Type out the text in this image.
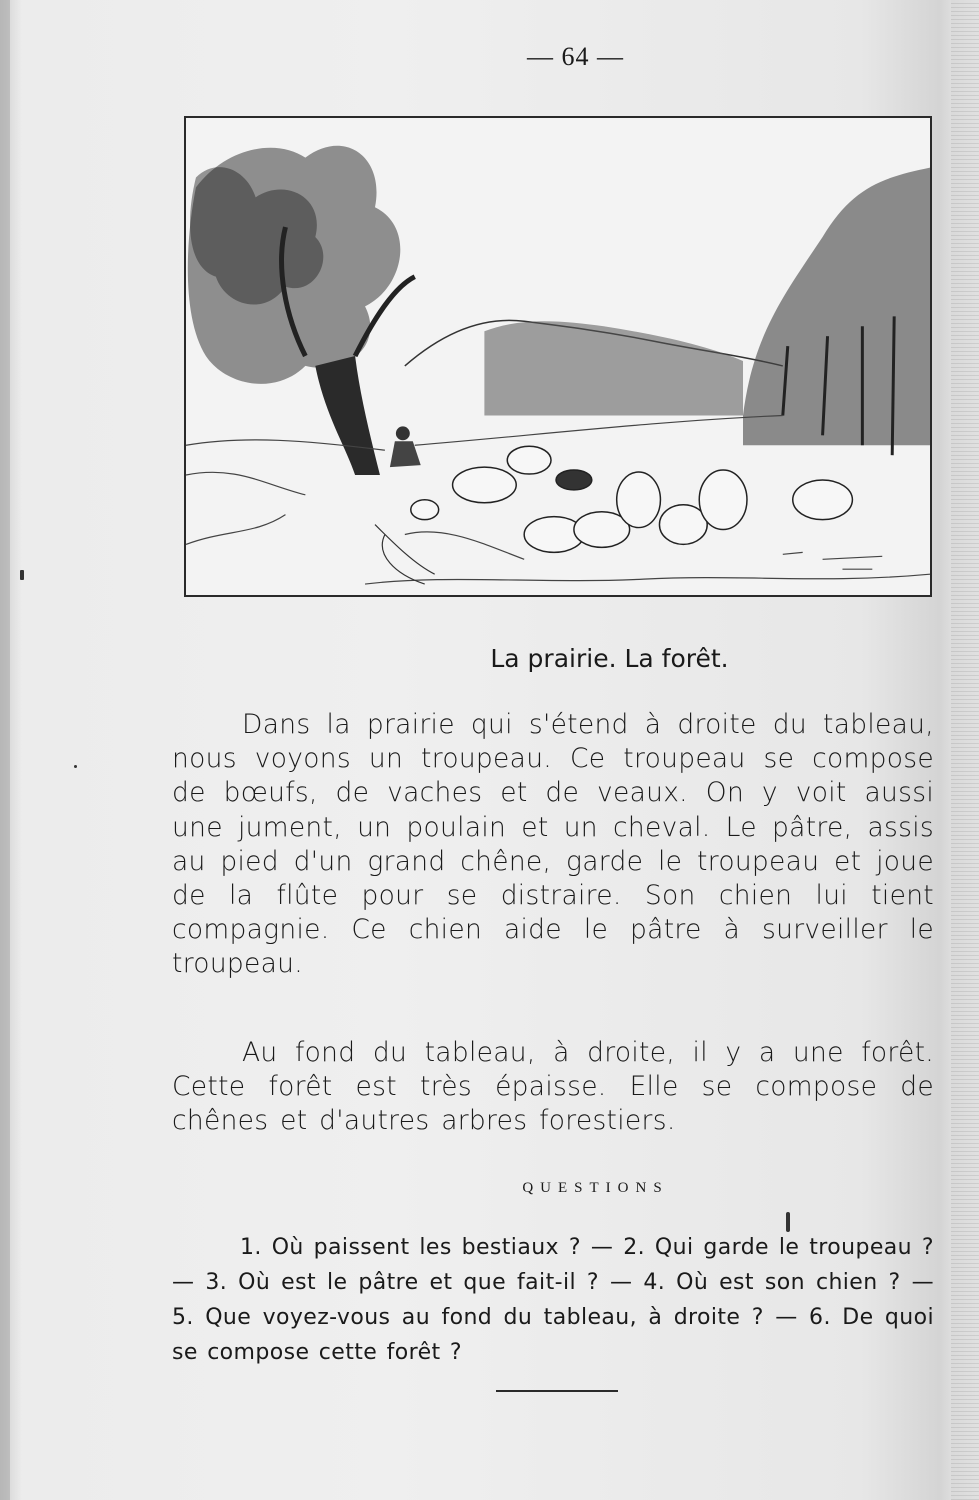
— 64 —
La prairie. La forêt.

Dans la prairie qui s'étend à droite du tableau, nous voyons un troupeau. Ce troupeau se compose de bœufs, de vaches et de veaux. On y voit aussi une jument, un poulain et un cheval. Le pâtre, assis au pied d'un grand chêne, garde le troupeau et joue de la flûte pour se distraire. Son chien lui tient compagnie. Ce chien aide le pâtre à surveiller le troupeau.

Au fond du tableau, à droite, il y a une forêt. Cette forêt est très épaisse. Elle se compose de chênes et d'autres arbres forestiers.

QUESTIONS

1. Où paissent les bestiaux ? — 2. Qui garde le troupeau ? — 3. Où est le pâtre et que fait-il ? — 4. Où est son chien ? — 5. Que voyez-vous au fond du tableau, à droite ? — 6. De quoi se compose cette forêt ?
